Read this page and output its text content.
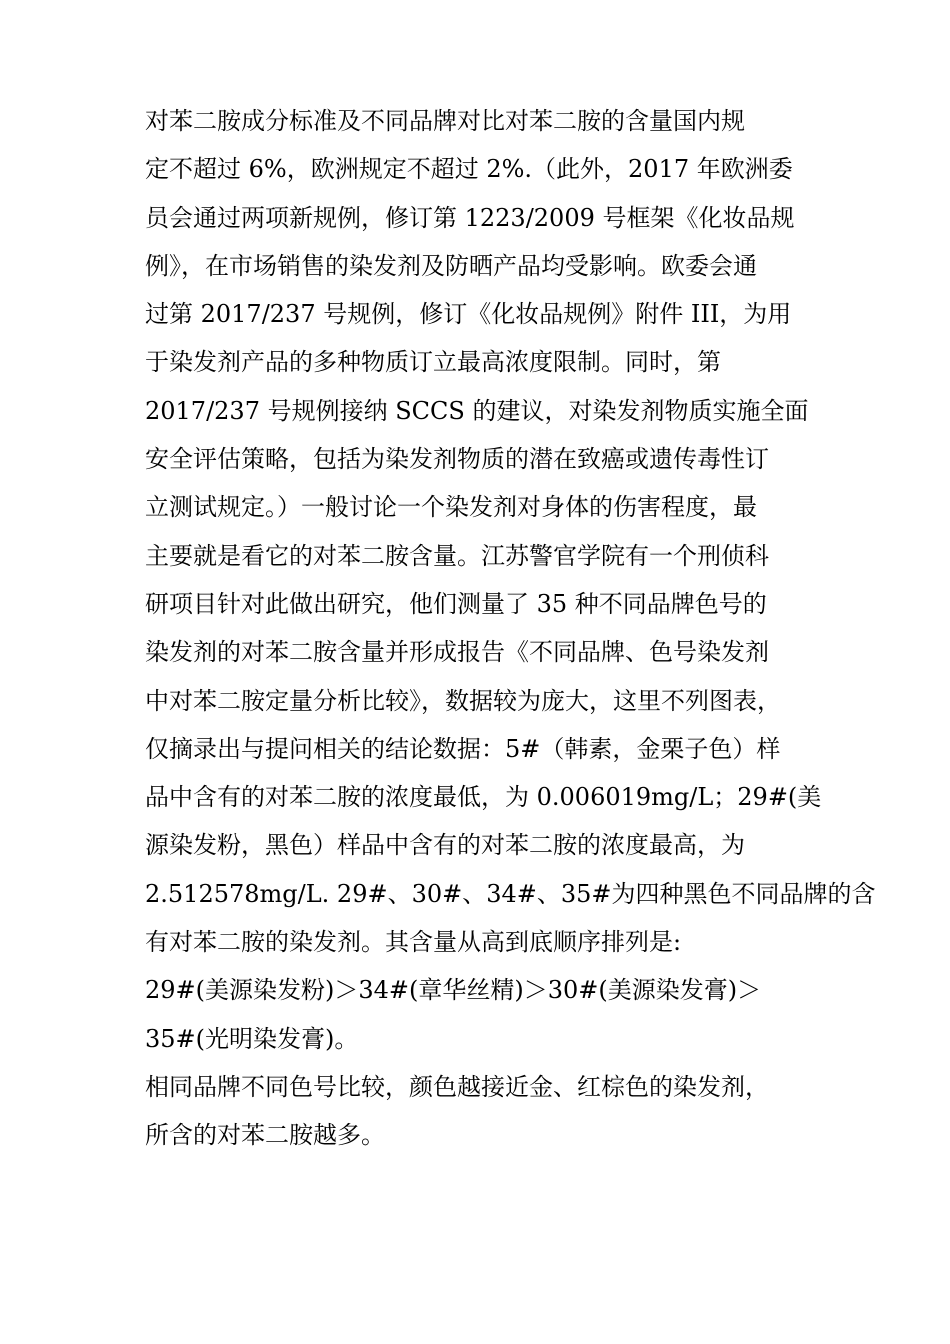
对苯二胺成分标准及不同品牌对比对苯二胺的含量国内规
定不超过 6%，欧洲规定不超过 2%.（此外，2017 年欧洲委
员会通过两项新规例，修订第 1223/2009 号框架《化妆品规
例》，在市场销售的染发剂及防晒产品均受影响。欧委会通
过第 2017/237 号规例，修订《化妆品规例》附件 III，为用
于染发剂产品的多种物质订立最高浓度限制。同时，第
2017/237 号规例接纳 SCCS 的建议，对染发剂物质实施全面
安全评估策略，包括为染发剂物质的潜在致癌或遗传毒性订
立测试规定。）一般讨论一个染发剂对身体的伤害程度，最
主要就是看它的对苯二胺含量。江苏警官学院有一个刑侦科
研项目针对此做出研究，他们测量了 35 种不同品牌色号的
染发剂的对苯二胺含量并形成报告《不同品牌、色号染发剂
中对苯二胺定量分析比较》，数据较为庞大，这里不列图表，
仅摘录出与提问相关的结论数据：5#（韩素，金栗子色）样
品中含有的对苯二胺的浓度最低，为 0.006019mg/L；29#(美
源染发粉，黑色）样品中含有的对苯二胺的浓度最高，为
2.512578mg/L. 29#、30#、34#、35#为四种黑色不同品牌的含
有对苯二胺的染发剂。其含量从高到底顺序排列是:
29#(美源染发粉)＞34#(章华丝精)＞30#(美源染发膏)＞
35#(光明染发膏)。
相同品牌不同色号比较，颜色越接近金、红棕色的染发剂，
所含的对苯二胺越多。
